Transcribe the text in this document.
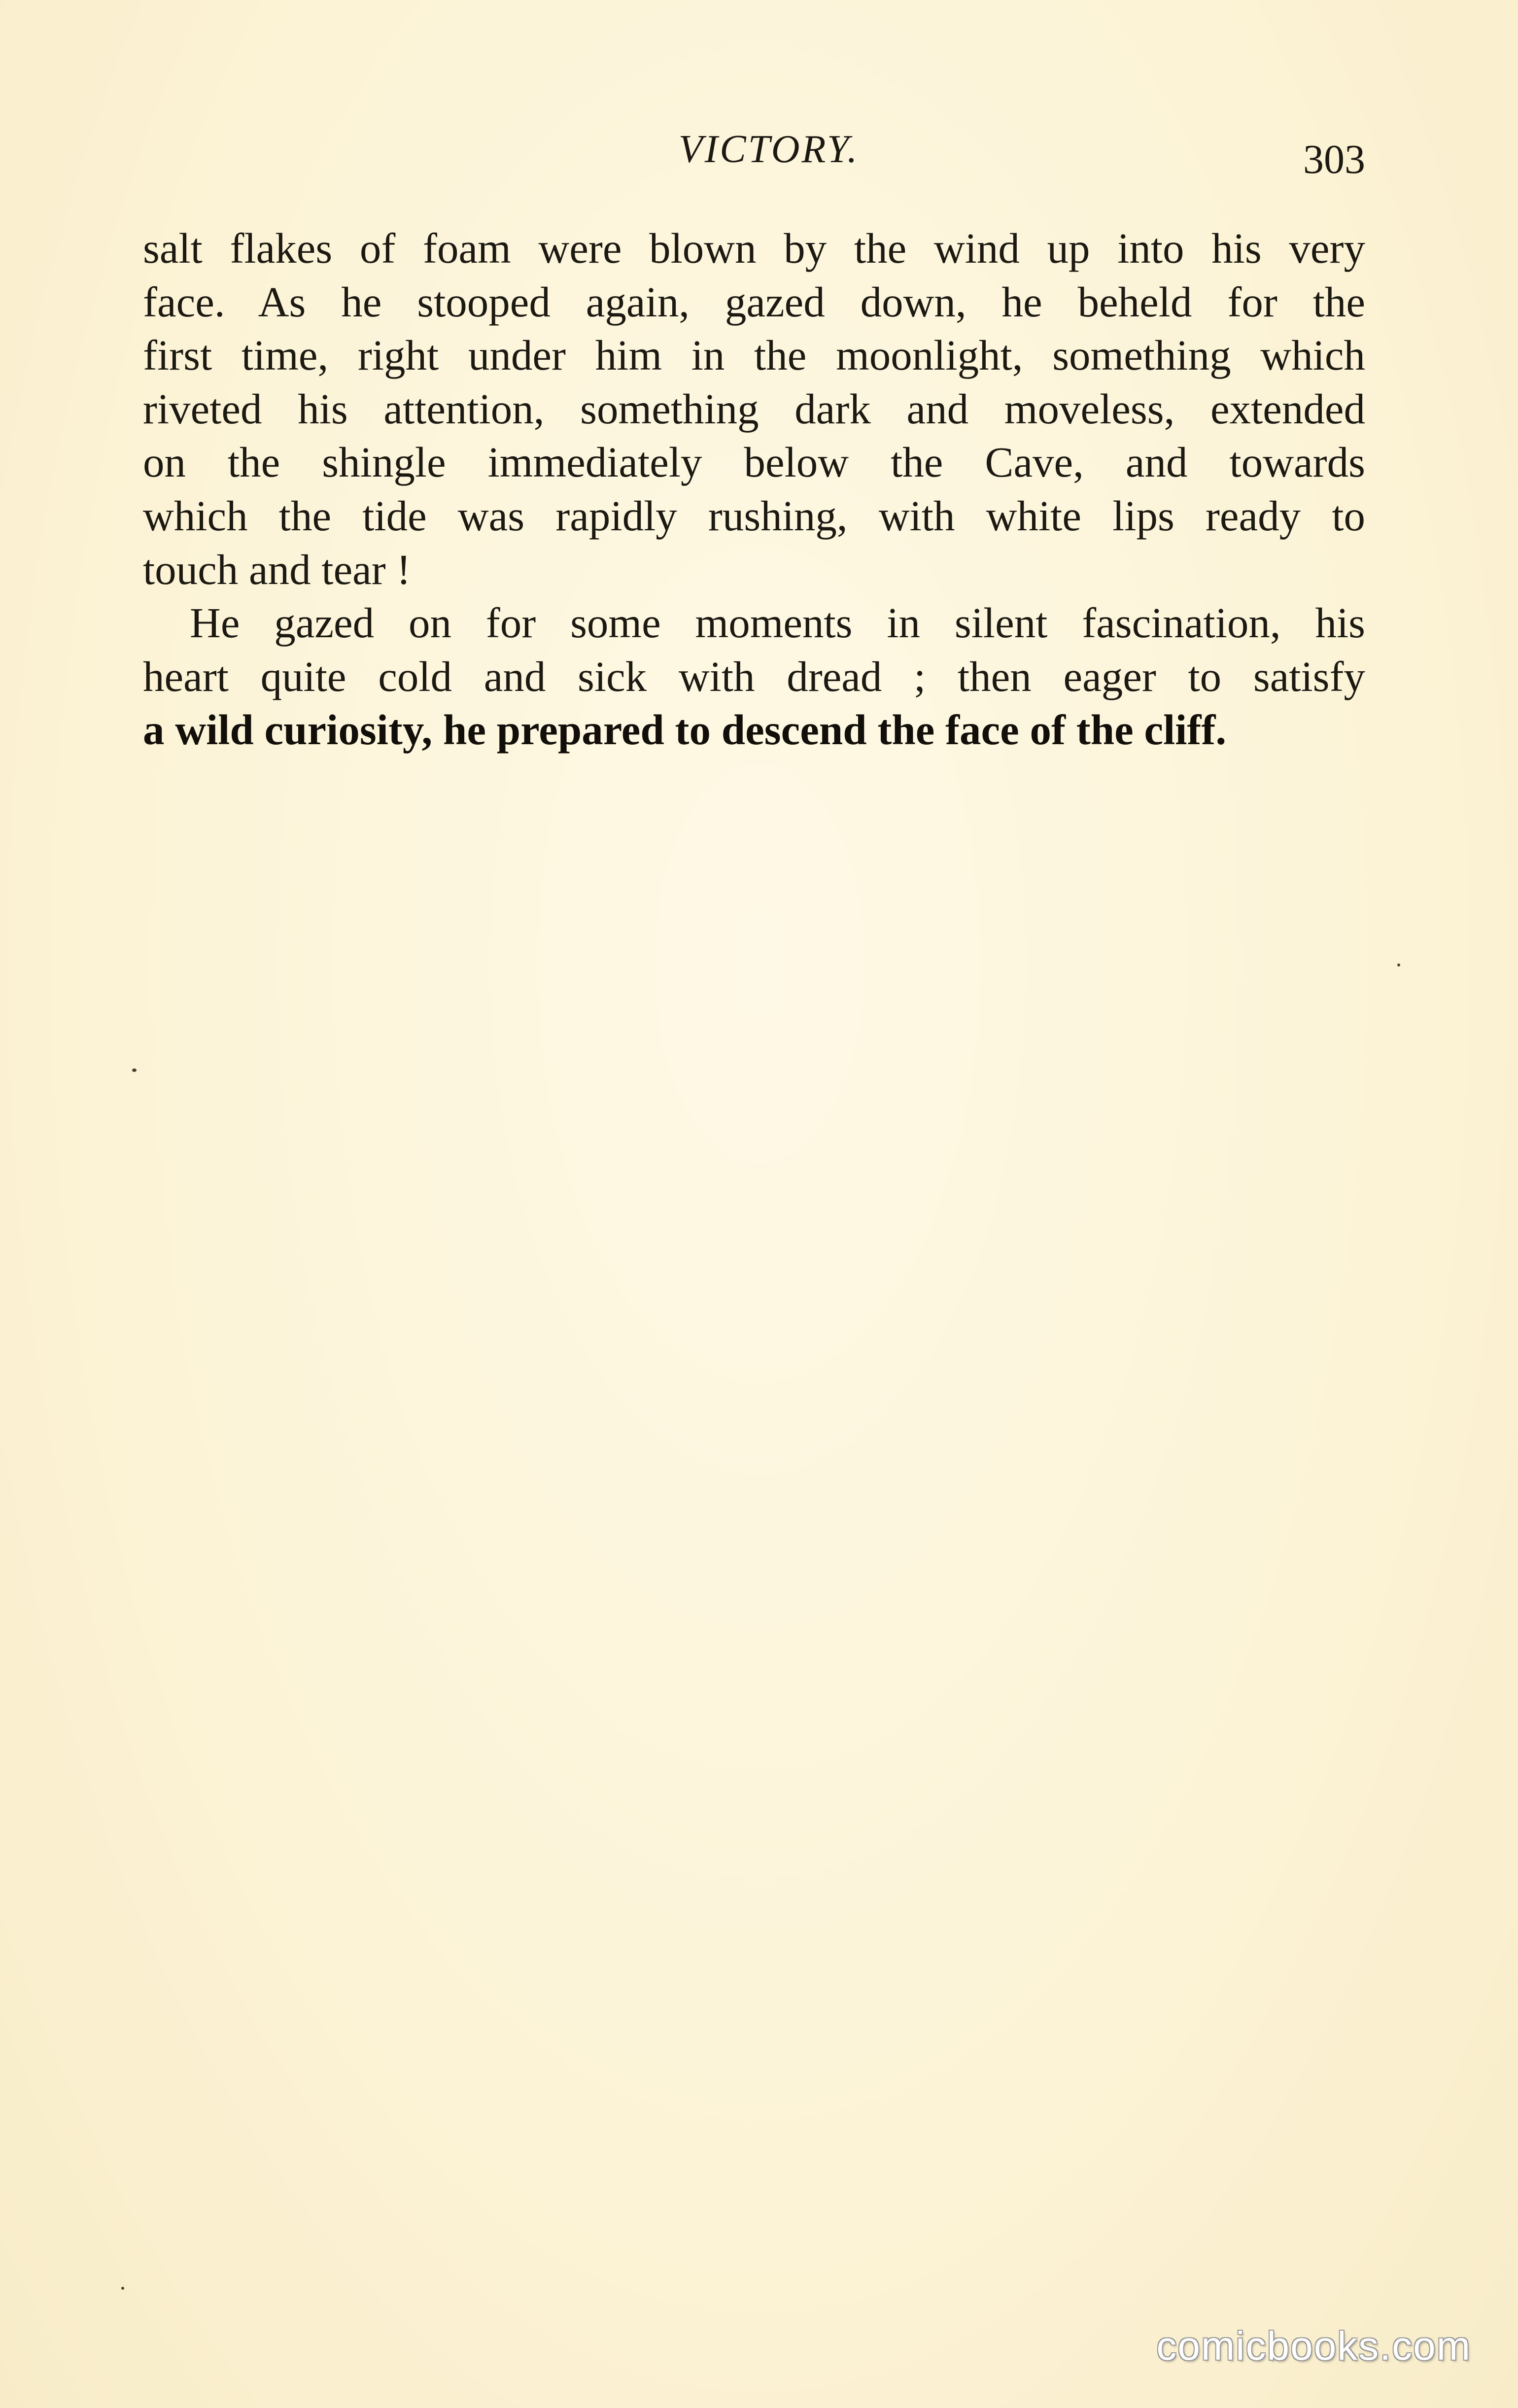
VICTORY.	303
salt flakes of foam were blown by the wind up into his very
face. As he stooped again, gazed down, he beheld for the
first time, right under him in the moonlight, something which
riveted his attention, something dark and moveless, extended
on the shingle immediately below the Cave, and towards
which the tide was rapidly rushing, with white lips ready to
touch and tear !
He gazed on for some moments in silent fascination, his
heart quite cold and sick with dread ; then eager to satisfy
a wild curiosity, he prepared to descend the face of the cliff.
comicbooks.com
